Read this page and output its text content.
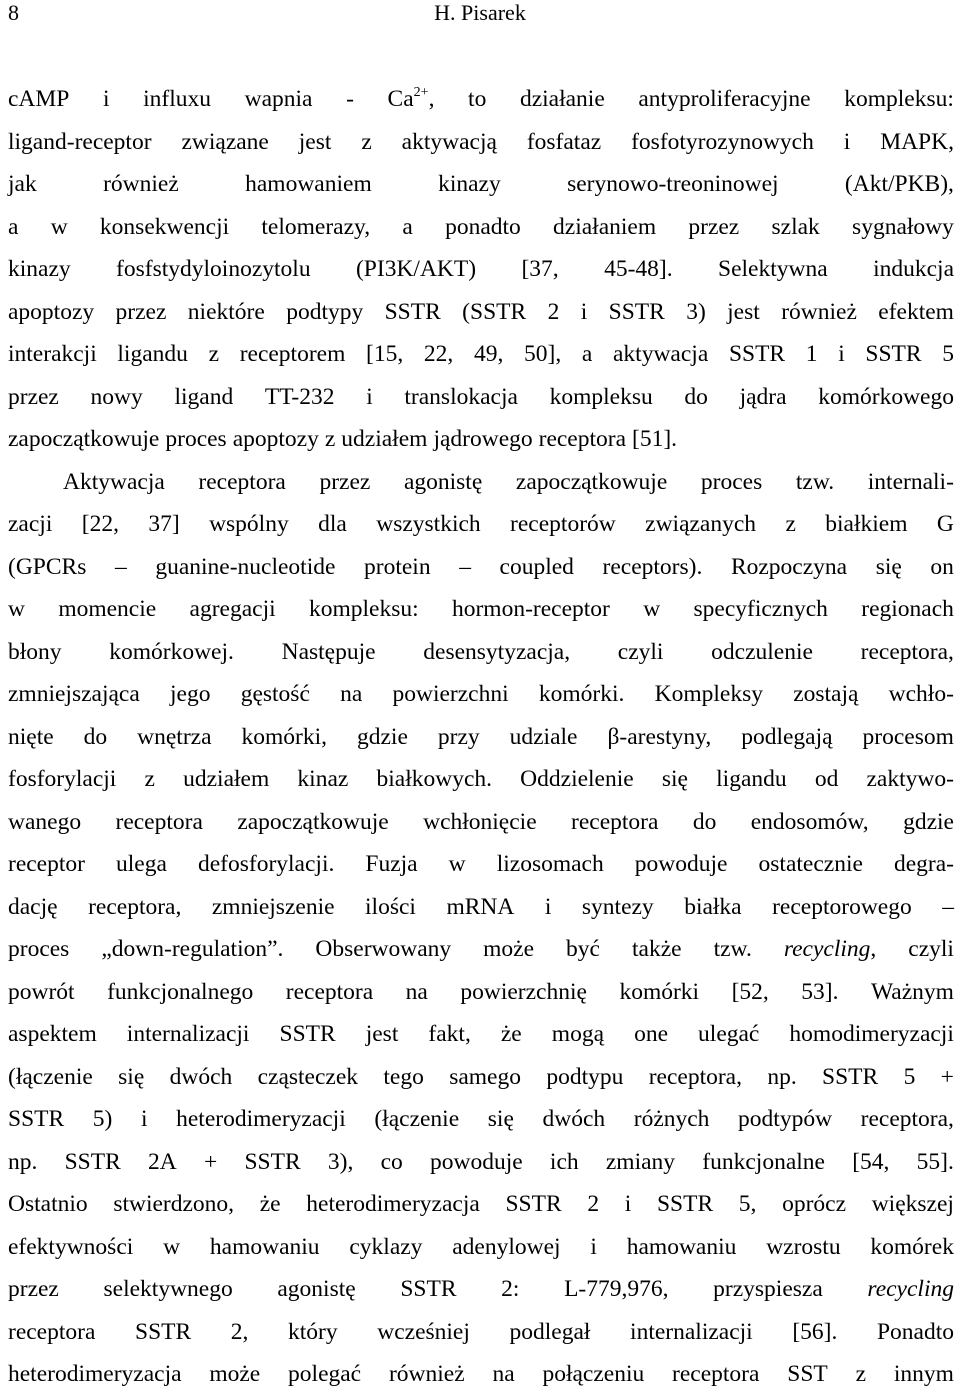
8	H. Pisarek
cAMP i influxu wapnia - $Ca^{2+}$, to działanie antyproliferacyjne kompleksu:
ligand-receptor związane jest z aktywacją fosfataz fosfotyrozynowych i MAPK,
jak	również	hamowaniem	kinazy	serynowo-treoninowej	(Akt/PKB),
a w konsekwencji telomerazy, a ponadto działaniem przez szlak sygnałowy
kinazy fosfstydyloinozytolu (PI3K/AKT) [37, 45-48]. Selektywna indukcja
apoptozy przez niektóre podtypy SSTR (SSTR 2 i SSTR 3) jest również efektem
interakcji ligandu z receptorem [15, 22, 49, 50], a aktywacja SSTR 1 i SSTR 5
przez nowy ligand TT-232 i translokacja kompleksu do jądra komórkowego
zapoczątkowuje proces apoptozy z udziałem jądrowego receptora [51].
Aktywacja receptora przez agonistę zapoczątkowuje proces tzw. internali-
zacji [22, 37] wspólny dla wszystkich receptorów związanych z białkiem G
(GPCRs – guanine-nucleotide protein – coupled receptors). Rozpoczyna się on
w momencie agregacji kompleksu: hormon-receptor w specyficznych regionach
błony komórkowej. Następuje desensytyzacja, czyli odczulenie receptora,
zmniejszająca jego gęstość na powierzchni komórki. Kompleksy zostają wchło-
nięte do wnętrza komórki, gdzie przy udziale β-arestyny, podlegają procesom
fosforylacji z udziałem kinaz białkowych. Oddzielenie się ligandu od zaktywo-
wanego receptora zapoczątkowuje wchłonięcie receptora do endosomów, gdzie
receptor ulega defosforylacji. Fuzja w lizosomach powoduje ostatecznie degra-
dację receptora, zmniejszenie ilości mRNA i syntezy białka receptorowego –
proces „down-regulation”. Obserwowany może być także tzw. recycling, czyli
powrót funkcjonalnego receptora na powierzchnię komórki [52, 53]. Ważnym
aspektem internalizacji SSTR jest fakt, że mogą one ulegać homodimeryzacji
(łączenie się dwóch cząsteczek tego samego podtypu receptora, np. SSTR 5 +
SSTR 5) i heterodimeryzacji (łączenie się dwóch różnych podtypów receptora,
np. SSTR 2A + SSTR 3), co powoduje ich zmiany funkcjonalne [54, 55].
Ostatnio stwierdzono, że heterodimeryzacja SSTR 2 i SSTR 5, oprócz większej
efektywności w hamowaniu cyklazy adenylowej i hamowaniu wzrostu komórek
przez selektywnego agonistę SSTR 2: L-779,976, przyspiesza recycling
receptora SSTR 2, który wcześniej podlegał internalizacji [56]. Ponadto
heterodimeryzacja może polegać również na połączeniu receptora SST z innym
